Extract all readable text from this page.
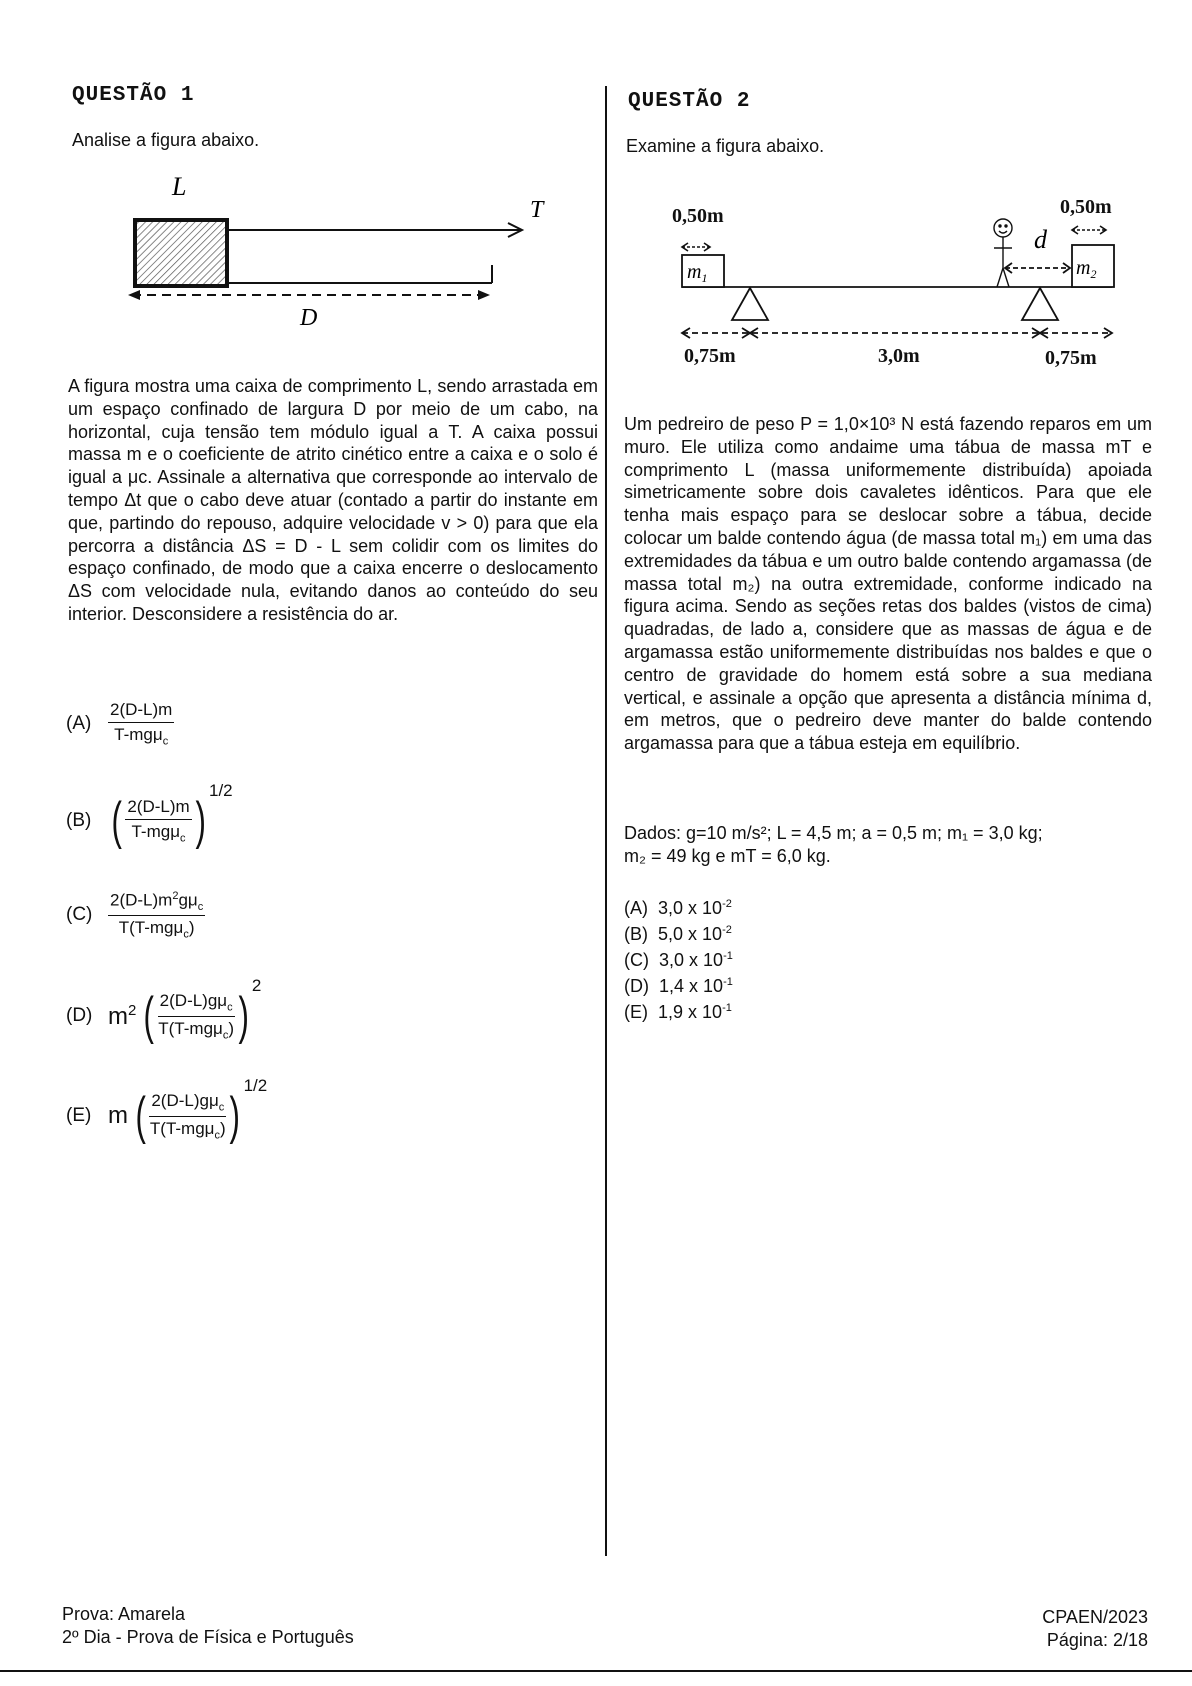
QUESTÃO 1
Analise a figura abaixo.
L
T
D
A figura mostra uma caixa de comprimento L, sendo arrastada em um espaço confinado de largura D por meio de um cabo, na horizontal, cuja tensão tem módulo igual a T. A caixa possui massa m e o coeficiente de atrito cinético entre a caixa e o solo é igual a μc. Assinale a alternativa que corresponde ao intervalo de tempo Δt que o cabo deve atuar (contado a partir do instante em que, partindo do repouso, adquire velocidade v > 0) para que ela percorra a distância ΔS = D - L sem colidir com os limites do espaço confinado, de modo que a caixa encerre o deslocamento ΔS com velocidade nula, evitando danos ao conteúdo do seu interior. Desconsidere a resistência do ar.
$(A) \frac{2(D-L)m}{T-mg\mu_c}$
(B) ( $\frac{2(D-L)m}{T-mg\mu_c}$ )
1/2
$(C) \frac{2(D-L)m^2g\mu_c}{T(T-mg\mu_c)}$
(D) $m^2$ ( $\frac{2(D-L)g\mu_c}{T(T-mg\mu_c)}$ )
2
(E) m ( $\frac{2(D-L)g\mu_c}{T(T-mg\mu_c)}$ )
1/2
QUESTÃO 2
Examine a figura abaixo.
0,50m	0,50m
0,75m	3,0m	0,75m
$m_1$	$m_2$
d
Um pedreiro de peso P = 1,0×10³ N está fazendo reparos em um muro. Ele utiliza como andaime uma tábua de massa mT e comprimento L (massa uniformemente distribuída) apoiada simetricamente sobre dois cavaletes idênticos. Para que ele tenha mais espaço para se deslocar sobre a tábua, decide colocar um balde contendo água (de massa total m₁) em uma das extremidades da tábua e um outro balde contendo argamassa (de massa total m₂) na outra extremidade, conforme indicado na figura acima. Sendo as seções retas dos baldes (vistos de cima) quadradas, de lado a, considere que as massas de água e de argamassa estão uniformemente distribuídas nos baldes e que o centro de gravidade do homem está sobre a sua mediana vertical, e assinale a opção que apresenta a distância mínima d, em metros, que o pedreiro deve manter do balde contendo argamassa para que a tábua esteja em equilíbrio.
Dados: g=10 m/s²; L = 4,5 m; a = 0,5 m; m₁ = 3,0 kg;
m₂ = 49 kg e mT = 6,0 kg.
(A) 3,0 x $10^{-2}$
(B) 5,0 x $10^{-2}$
(C) 3,0 x $10^{-1}$
(D) 1,4 x $10^{-1}$
(E) 1,9 x $10^{-1}$
Prova: Amarela
2º Dia - Prova de Física e Português
CPAEN/2023
Página: 2/18
